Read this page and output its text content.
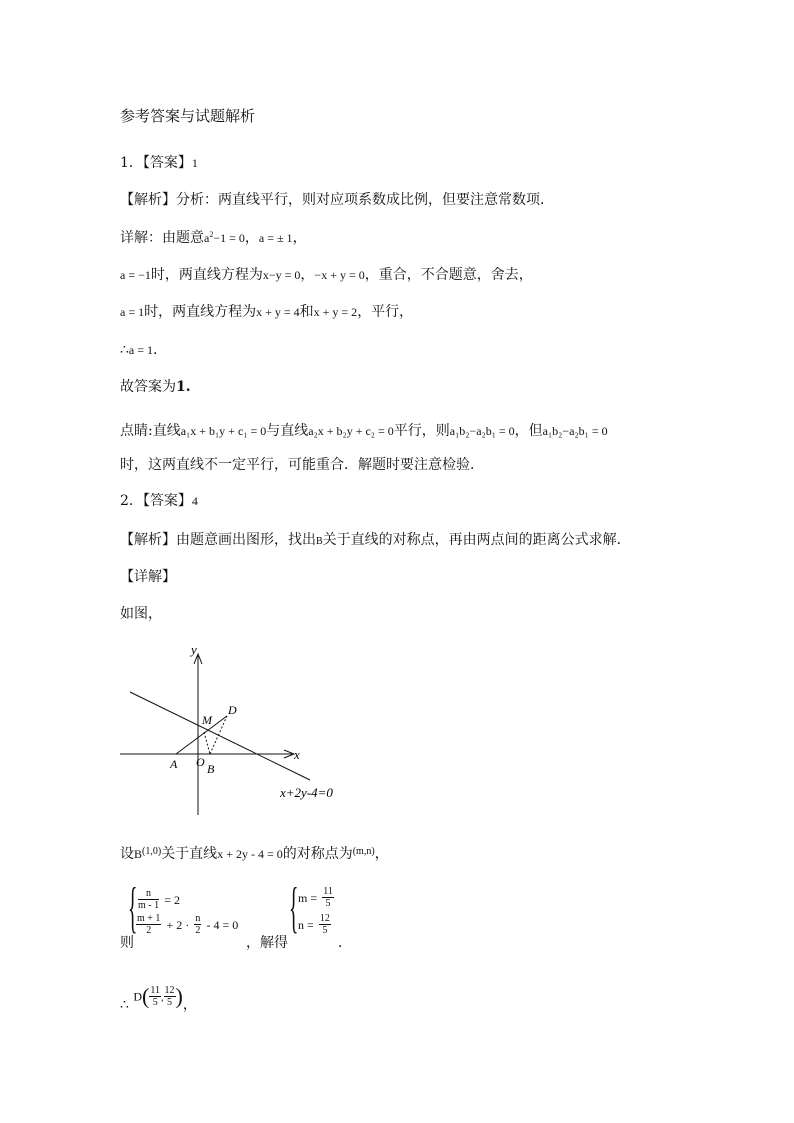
参考答案与试题解析
1．【答案】1
【解析】分析：两直线平行，则对应项系数成比例，但要注意常数项．
详解：由题意$a^2-1 = 0$，a = ± 1，
a = −1时，两直线方程为x−y = 0，−x + y = 0，重合，不合题意，舍去，
a = 1时，两直线方程为x + y = 4和x + y = 2，平行，
∴a = 1．
故答案为1.
点睛:直线a₁x + b₁y + c₁ = 0与直线a₂x + b₂y + c₂ = 0平行，则a₁b₂−a₂b₁ = 0，但a₁b₂−a₂b₁ = 0
时，这两直线不一定平行，可能重合．解题时要注意检验．
2．【答案】4
【解析】由题意画出图形，找出B关于直线的对称点，再由两点间的距离公式求解．
【详解】
如图，
y
x
x+2y-4=0
M
D
A O B
设B$^{(1,0)}$关于直线x + 2y - 4 = 0的对称点为$^{(m,n)}$，
则
{ $\frac{n}{m - 1} = 2$
$\frac{m + 1}{2} + 2 \cdot \frac{n}{2} - 4 = 0$
，解得
{ $m = \frac{11}{5}$
$n = \frac{12}{5}$
．
∴ $D( \frac{11}{5}$ , $\frac{12}{5}$ )，
